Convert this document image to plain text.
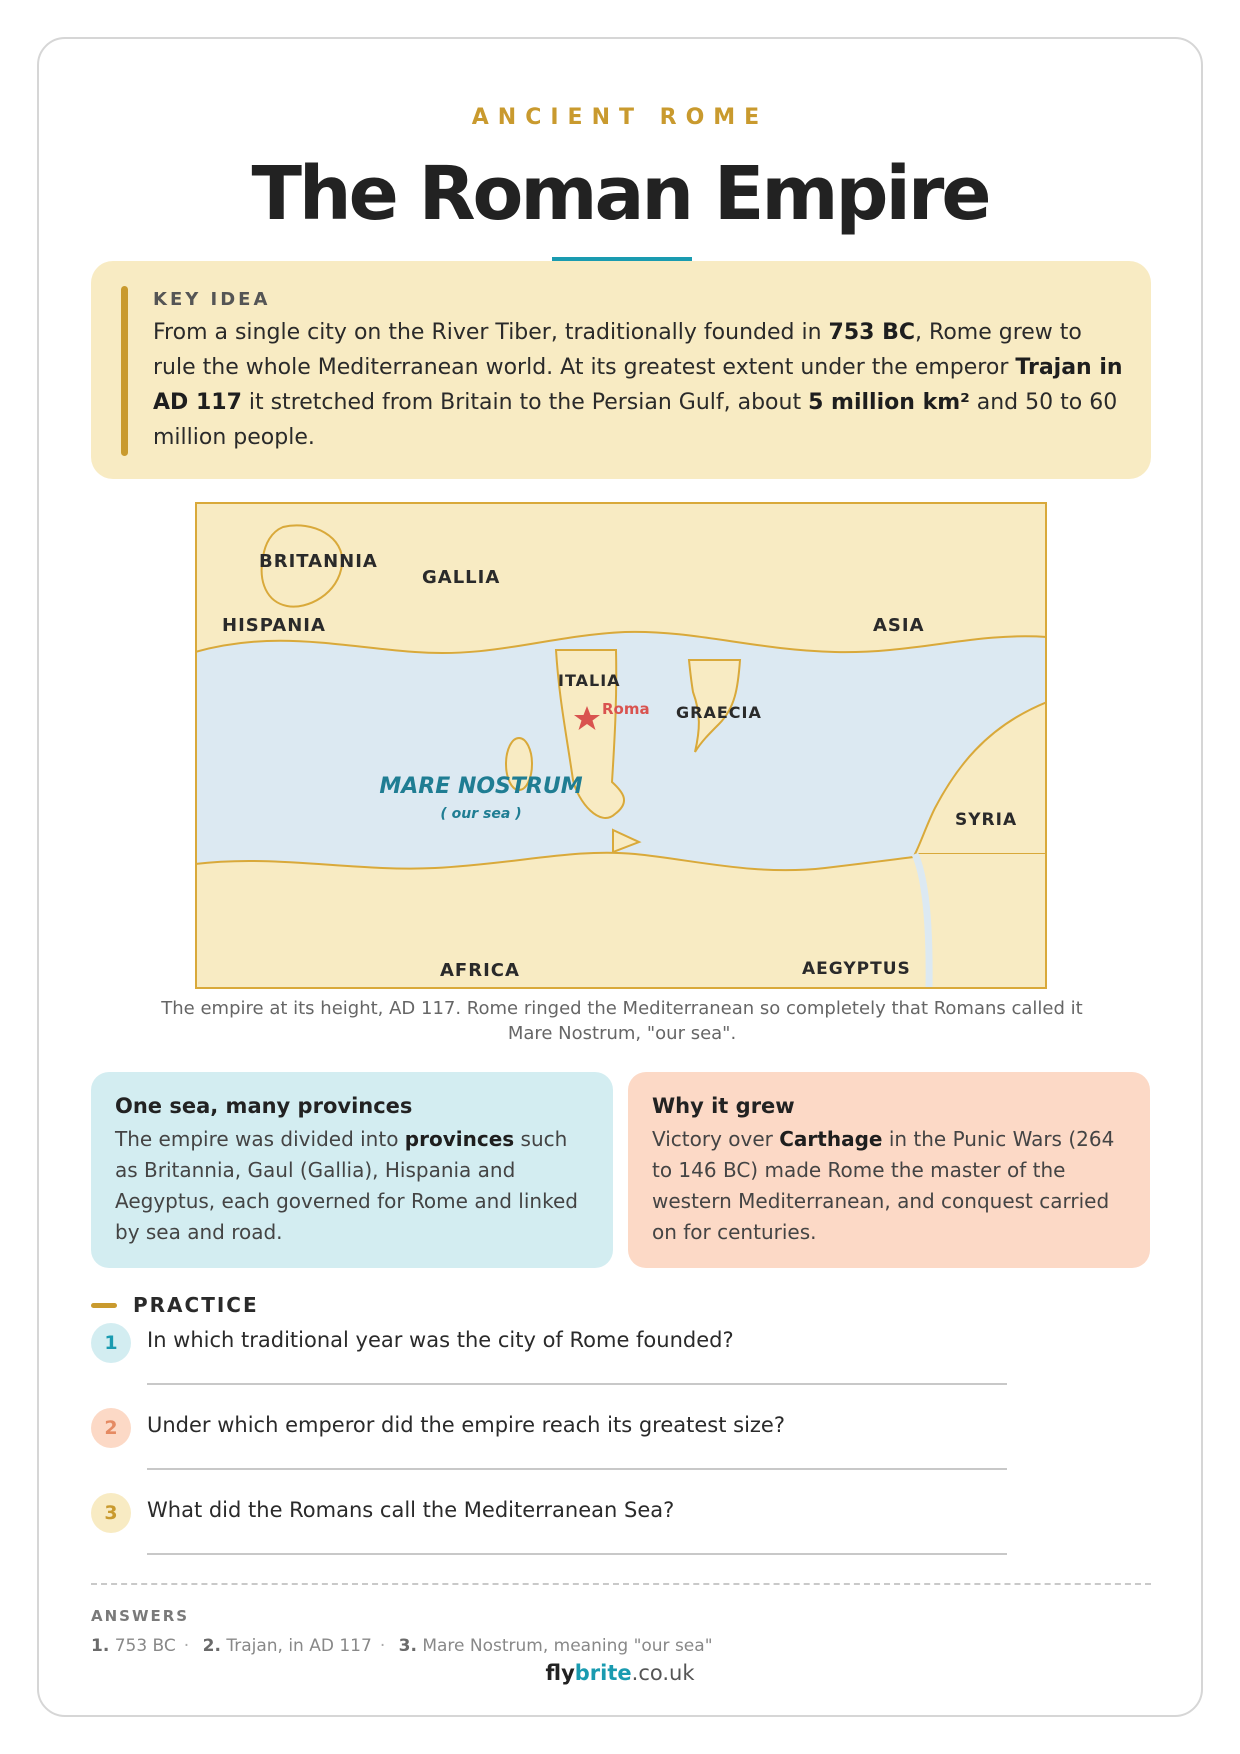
ANCIENT ROME
The Roman Empire
KEY IDEA
From a single city on the River Tiber, traditionally founded in 753 BC, Rome grew to rule the whole Mediterranean world. At its greatest extent under the emperor Trajan in AD 117 it stretched from Britain to the Persian Gulf, about 5 million km² and 50 to 60 million people.
BRITANNIA
GALLIA
HISPANIA	ASIA
ITALIA
GRAECIA
SYRIA
AFRICA	AEGYPTUS
Roma
MARE NOSTRUM
( our sea )
The empire at its height, AD 117. Rome ringed the Mediterranean so completely that Romans called it Mare Nostrum, "our sea".
One sea, many provinces
The empire was divided into provinces such as Britannia, Gaul (Gallia), Hispania and Aegyptus, each governed for Rome and linked by sea and road.
Why it grew
Victory over Carthage in the Punic Wars (264 to 146 BC) made Rome the master of the western Mediterranean, and conquest carried on for centuries.
PRACTICE
1	In which traditional year was the city of Rome founded?
2	Under which emperor did the empire reach its greatest size?
3	What did the Romans call the Mediterranean Sea?
ANSWERS
1. 753 BC · 2. Trajan, in AD 117 · 3. Mare Nostrum, meaning "our sea"
flybrite.co.uk
